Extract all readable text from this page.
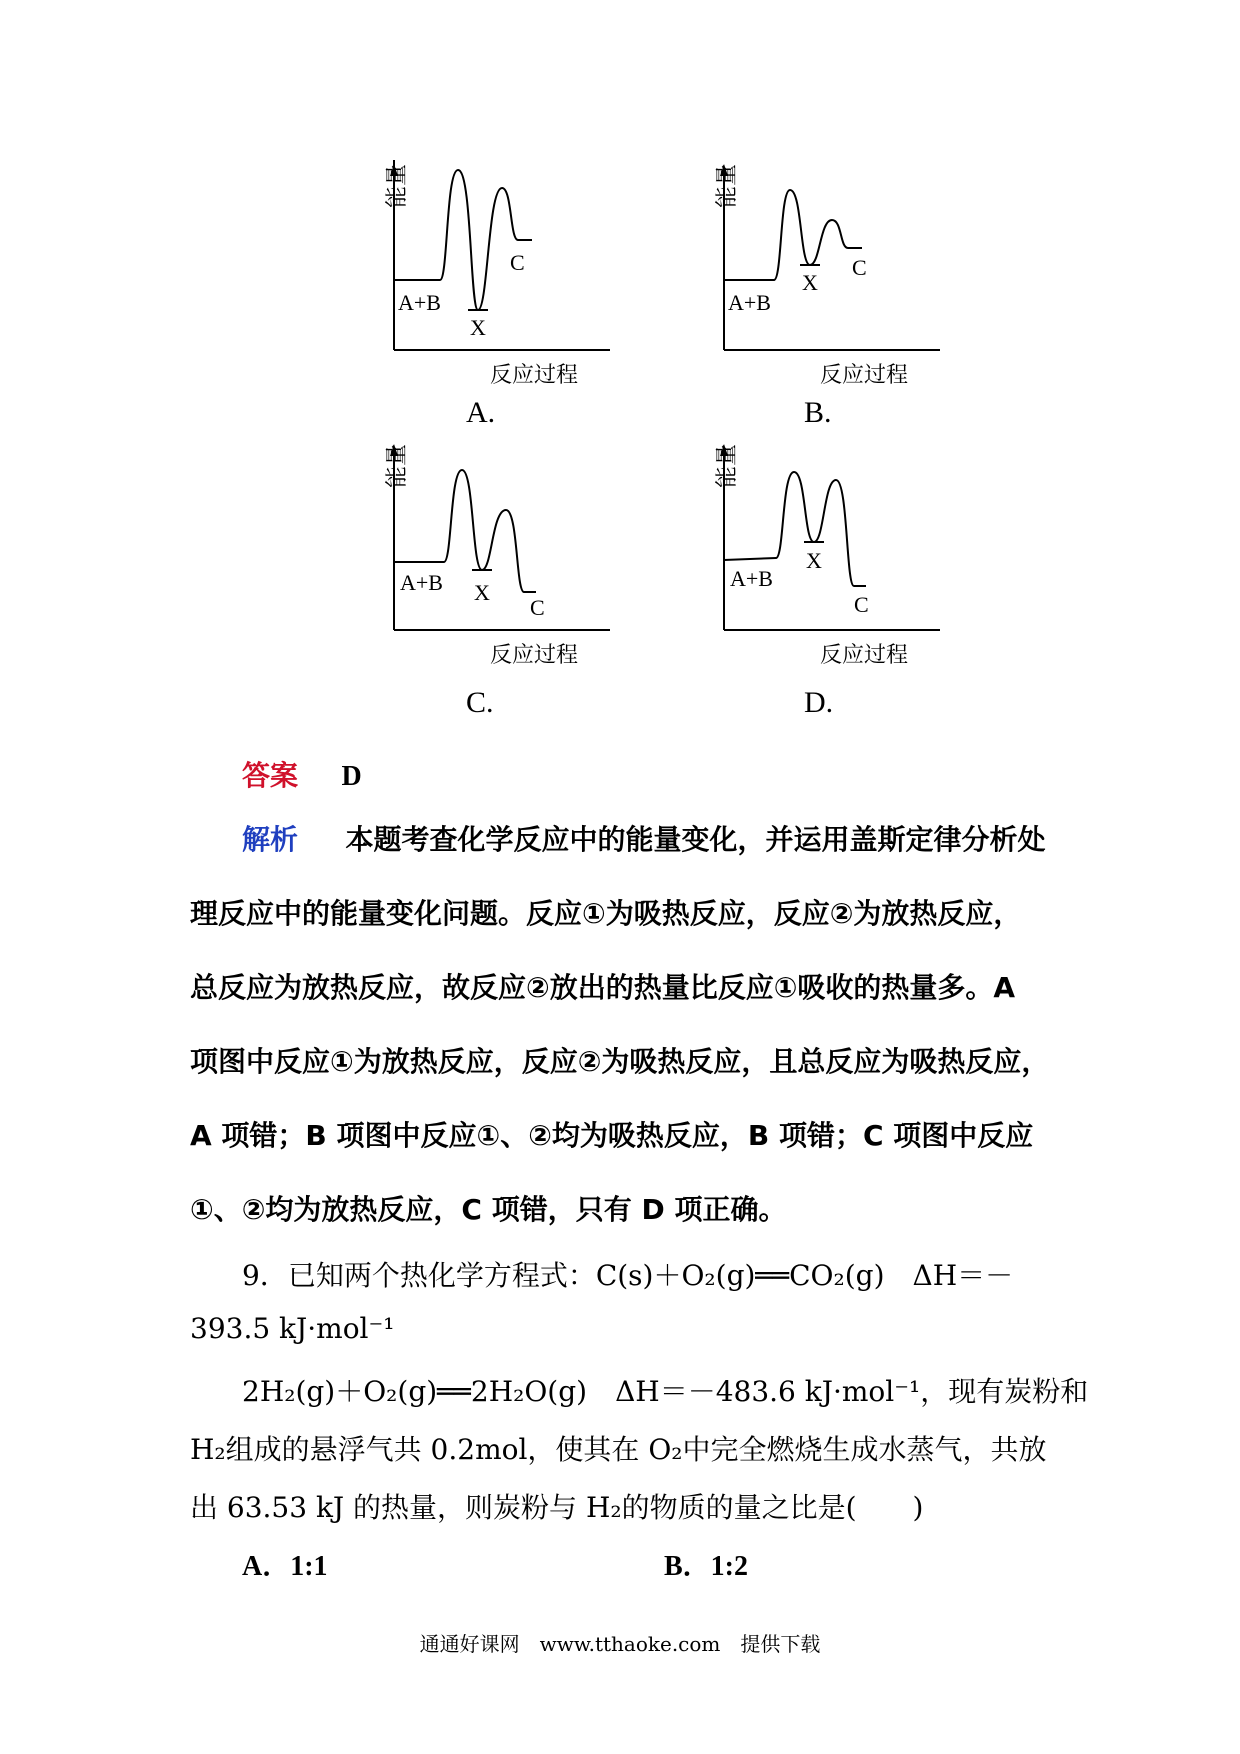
能量
A+B
X
C
反应过程
A.
能量
A+B
X
C
反应过程
B.
能量
A+B X
C
反应过程
C.
能量
A+B
X
C
反应过程
D.
答案 D
解析 本题考查化学反应中的能量变化，并运用盖斯定律分析处
理反应中的能量变化问题。反应①为吸热反应，反应②为放热反应，
总反应为放热反应，故反应②放出的热量比反应①吸收的热量多。A
项图中反应①为放热反应，反应②为吸热反应，且总反应为吸热反应，
A 项错；B 项图中反应①、②均为吸热反应，B 项错；C 项图中反应
①、②均为放热反应，C 项错，只有 D 项正确。
9．已知两个热化学方程式：C(s)＋O₂(g)══CO₂(g)　ΔH＝－
393.5 kJ·mol⁻¹
2H₂(g)＋O₂(g)══2H₂O(g)　ΔH＝－483.6 kJ·mol⁻¹，现有炭粉和
H₂组成的悬浮气共 0.2mol，使其在 O₂中完全燃烧生成水蒸气，共放
出 63.53 kJ 的热量，则炭粉与 H₂的物质的量之比是(　　)
A．1:1	B．1:2
通通好课网　www.tthaoke.com　提供下载
